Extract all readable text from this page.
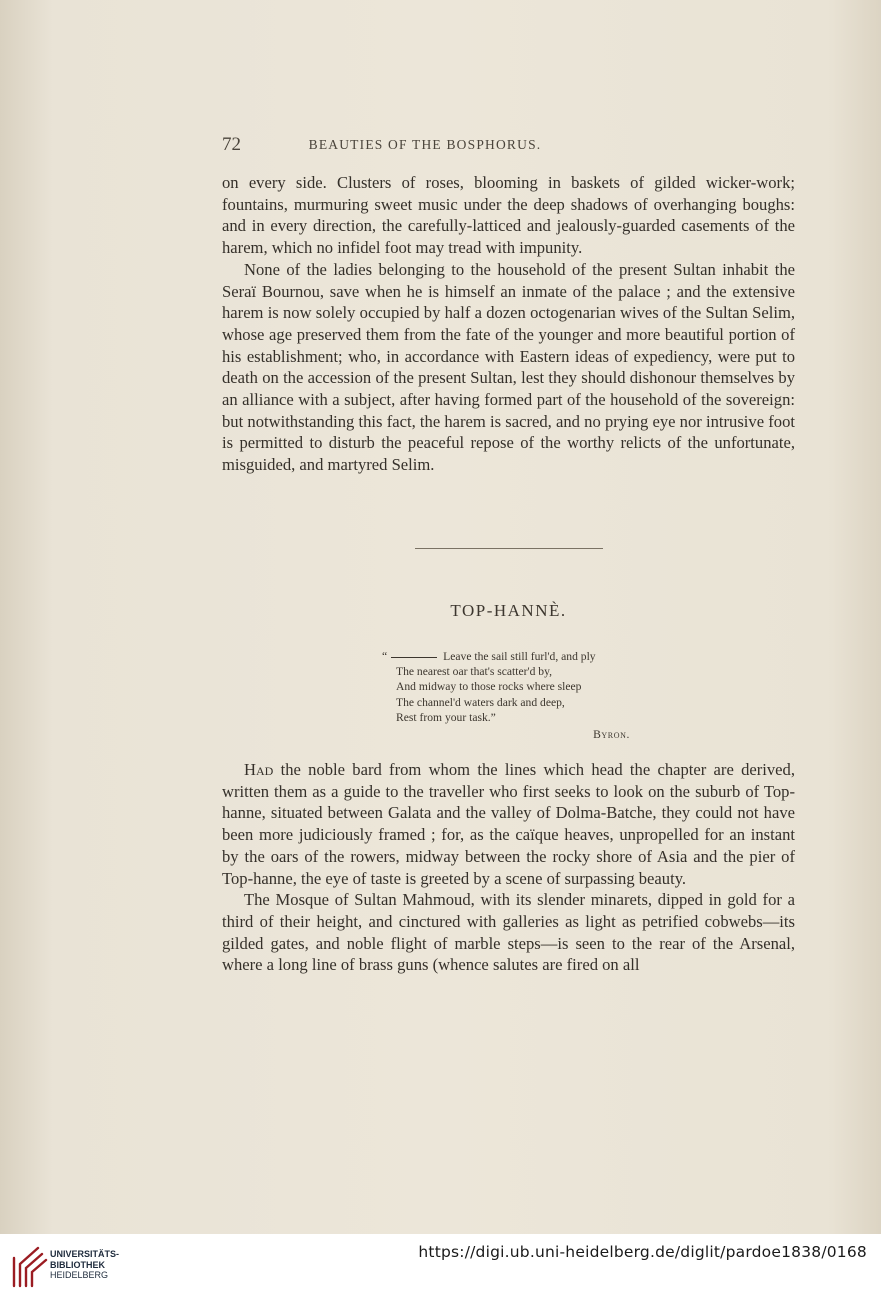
72	BEAUTIES OF THE BOSPHORUS.

on every side. Clusters of roses, blooming in baskets of gilded wicker-work; fountains, murmuring sweet music under the deep shadows of overhanging boughs: and in every direction, the carefully-latticed and jealously-guarded casements of the harem, which no infidel foot may tread with impunity.

None of the ladies belonging to the household of the present Sultan inhabit the Seraï Bournou, save when he is himself an inmate of the palace ; and the extensive harem is now solely occupied by half a dozen octogenarian wives of the Sultan Selim, whose age preserved them from the fate of the younger and more beautiful portion of his establishment; who, in accordance with Eastern ideas of expediency, were put to death on the accession of the present Sultan, lest they should dishonour themselves by an alliance with a subject, after having formed part of the household of the sovereign: but notwithstanding this fact, the harem is sacred, and no prying eye nor intrusive foot is permitted to disturb the peaceful repose of the worthy relicts of the unfortunate, misguided, and martyred Selim.

TOP-HANNÈ.
“	Leave the sail still furl'd, and ply
The nearest oar that's scatter'd by,
And midway to those rocks where sleep
The channel'd waters dark and deep,
Rest from your task.”
Byron.

Had the noble bard from whom the lines which head the chapter are derived, written them as a guide to the traveller who first seeks to look on the suburb of Top-hanne, situated between Galata and the valley of Dolma-Batche, they could not have been more judiciously framed ; for, as the caïque heaves, unpropelled for an instant by the oars of the rowers, midway between the rocky shore of Asia and the pier of Top-hanne, the eye of taste is greeted by a scene of surpassing beauty.

The Mosque of Sultan Mahmoud, with its slender minarets, dipped in gold for a third of their height, and cinctured with galleries as light as petrified cobwebs—its gilded gates, and noble flight of marble steps—is seen to the rear of the Arsenal, where a long line of brass guns (whence salutes are fired on all

UNIVERSITÄTS-
BIBLIOTHEK
HEIDELBERG
https://digi.ub.uni-heidelberg.de/diglit/pardoe1838/0168
